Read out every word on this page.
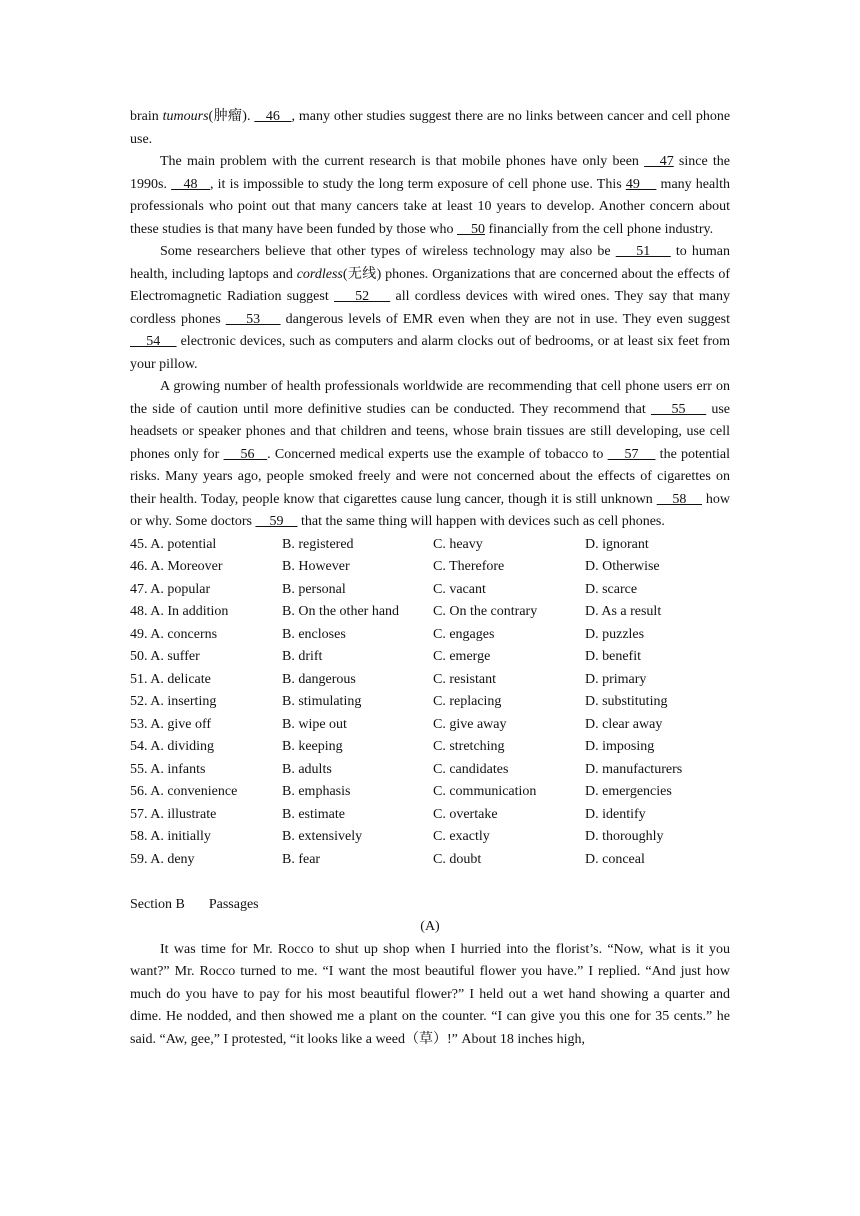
brain tumours(肿瘤).    46   , many other studies suggest there are no links between cancer and cell phone use.

The main problem with the current research is that mobile phones have only been    47 since the 1990s.    48   , it is impossible to study the long term exposure of cell phone use. This 49     many health professionals who point out that many cancers take at least 10 years to develop. Another concern about these studies is that many have been funded by those who     50 financially from the cell phone industry.

Some researchers believe that other types of wireless technology may also be     51     to human health, including laptops and cordless(无线) phones. Organizations that are concerned about the effects of Electromagnetic Radiation suggest     52     all cordless devices with wired ones. They say that many cordless phones     53     dangerous levels of EMR even when they are not in use. They even suggest     54     electronic devices, such as computers and alarm clocks out of bedrooms, or at least six feet from your pillow.

A growing number of health professionals worldwide are recommending that cell phone users err on the side of caution until more definitive studies can be conducted. They recommend that     55     use headsets or speaker phones and that children and teens, whose brain tissues are still developing, use cell phones only for     56   . Concerned medical experts use the example of tobacco to     57     the potential risks. Many years ago, people smoked freely and were not concerned about the effects of cigarettes on their health. Today, people know that cigarettes cause lung cancer, though it is still unknown     58     how or why. Some doctors     59     that the same thing will happen with devices such as cell phones.

45. A. potential	B. registered	C. heavy	D. ignorant
46. A. Moreover	B. However	C. Therefore	D. Otherwise
47. A. popular	B. personal	C. vacant	D. scarce
48. A. In addition	B. On the other hand	C. On the contrary	D. As a result
49. A. concerns	B. encloses	C. engages	D. puzzles
50. A. suffer	B. drift	C. emerge	D. benefit
51. A. delicate	B. dangerous	C. resistant	D. primary
52. A. inserting	B. stimulating	C. replacing	D. substituting
53. A. give off	B. wipe out	C. give away	D. clear away
54. A. dividing	B. keeping	C. stretching	D. imposing
55. A. infants	B. adults	C. candidates	D. manufacturers
56. A. convenience	B. emphasis	C. communication	D. emergencies
57. A. illustrate	B. estimate	C. overtake	D. identify
58. A. initially	B. extensively	C. exactly	D. thoroughly
59. A. deny	B. fear	C. doubt	D. conceal

Section B Passages

(A)

It was time for Mr. Rocco to shut up shop when I hurried into the florist’s. “Now, what is it you want?” Mr. Rocco turned to me. “I want the most beautiful flower you have.” I replied. “And just how much do you have to pay for his most beautiful flower?” I held out a wet hand showing a quarter and dime. He nodded, and then showed me a plant on the counter. “I can give you this one for 35 cents.” he said. “Aw, gee,” I protested, “it looks like a weed（草）!” About 18 inches high,
